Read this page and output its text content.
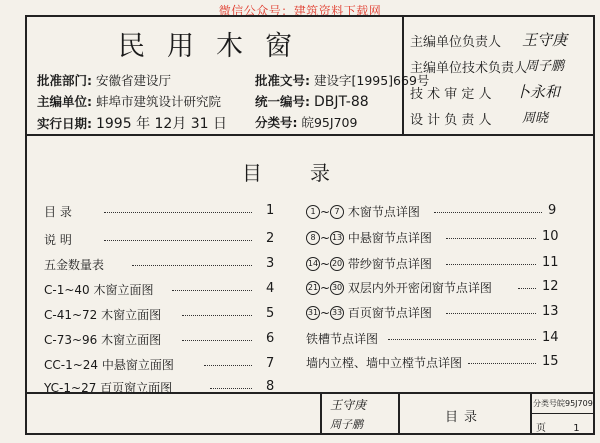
微信公众号：建筑资料下载网
民用木窗
批准部门: 安徽省建设厅	批准文号: 建设字[1995]669号
主编单位: 蚌埠市建筑设计研究院	统一编号: DBJT-88
实行日期: 1995 年 12月 31 日 分类号: 皖95J709
主编单位负责人 王守庚
主编单位技术负责人
周子鹏
技 术 审 定 人 卜永和
设 计 负 责 人 周晓
目录
目 录	1
说 明	2
五金数量表	3
C-1~40 木窗立面图	4
C-41~72 木窗立面图	5
C-73~96 木窗立面图	6
CC-1~24 中悬窗立面图	7
YC-1~27 百页窗立面图	8
1 ~ 7 木窗节点详图	9
8 ~ 13 中悬窗节点详图	10
14 ~ 20 带纱窗节点详图	11
21 ~ 30 双层内外开密闭窗节点详图	12
31 ~ 33 百页窗节点详图	13
铁槽节点详图	14
墙内立樘、墙中立樘节点详图	15
王守庚
周子鹏	目录
分类号皖95J709
页	1
